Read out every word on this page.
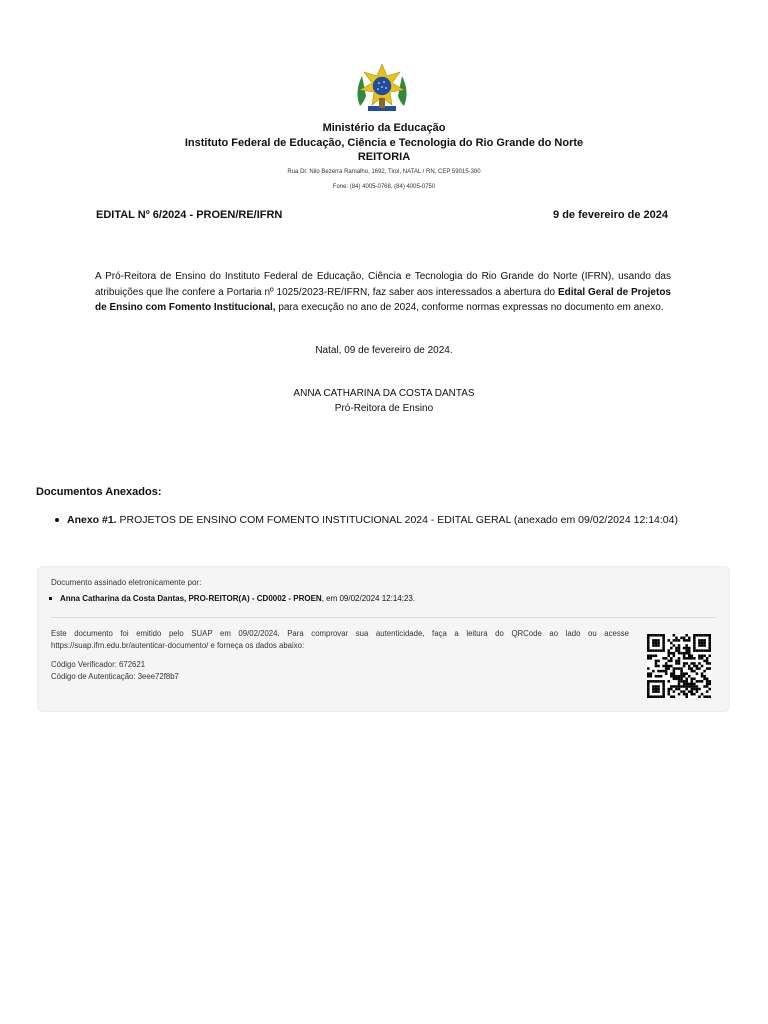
Ministério da Educação
Instituto Federal de Educação, Ciência e Tecnologia do Rio Grande do Norte
REITORIA
Rua Dr. Nilo Bezerra Ramalho, 1692, Tirol, NATAL / RN, CEP 59015-300
Fone: (84) 4005-0768, (84) 4005-0750
EDITAL Nº 6/2024 - PROEN/RE/IFRN	9 de fevereiro de 2024
A Pró-Reitora de Ensino do Instituto Federal de Educação, Ciência e Tecnologia do Rio Grande do Norte (IFRN), usando das atribuições que lhe confere a Portaria nº 1025/2023-RE/IFRN, faz saber aos interessados a abertura do Edital Geral de Projetos de Ensino com Fomento Institucional, para execução no ano de 2024, conforme normas expressas no documento em anexo.
Natal, 09 de fevereiro de 2024.
ANNA CATHARINA DA COSTA DANTAS
Pró-Reitora de Ensino
Documentos Anexados:
Anexo #1. PROJETOS DE ENSINO COM FOMENTO INSTITUCIONAL 2024 - EDITAL GERAL (anexado em 09/02/2024 12:14:04)
Documento assinado eletronicamente por:
Anna Catharina da Costa Dantas, PRO-REITOR(A) - CD0002 - PROEN, em 09/02/2024 12:14:23.
Este documento foi emitido pelo SUAP em 09/02/2024. Para comprovar sua autenticidade, faça a leitura do QRCode ao lado ou acesse https://suap.ifrn.edu.br/autenticar-documento/ e forneça os dados abaixo:
Código Verificador: 672621
Código de Autenticação: 3eee72f8b7
